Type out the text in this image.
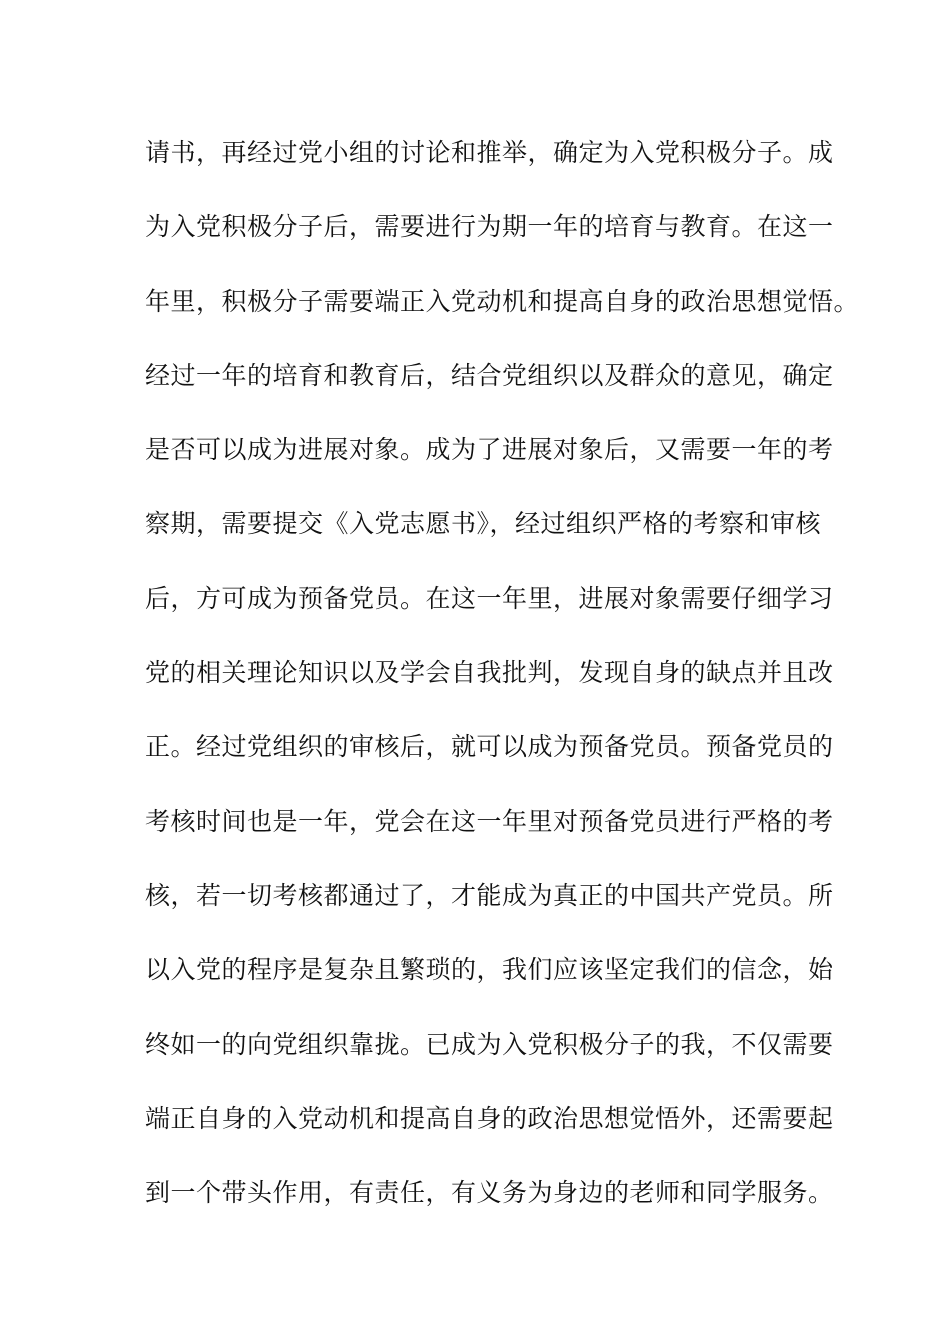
请书，再经过党小组的讨论和推举，确定为入党积极分子。成
为入党积极分子后，需要进行为期一年的培育与教育。在这一
年里，积极分子需要端正入党动机和提高自身的政治思想觉悟。
经过一年的培育和教育后，结合党组织以及群众的意见，确定
是否可以成为进展对象。成为了进展对象后，又需要一年的考
察期，需要提交《入党志愿书》，经过组织严格的考察和审核
后，方可成为预备党员。在这一年里，进展对象需要仔细学习
党的相关理论知识以及学会自我批判，发现自身的缺点并且改
正。经过党组织的审核后，就可以成为预备党员。预备党员的
考核时间也是一年，党会在这一年里对预备党员进行严格的考
核，若一切考核都通过了，才能成为真正的中国共产党员。所
以入党的程序是复杂且繁琐的，我们应该坚定我们的信念，始
终如一的向党组织靠拢。已成为入党积极分子的我，不仅需要
端正自身的入党动机和提高自身的政治思想觉悟外，还需要起
到一个带头作用，有责任，有义务为身边的老师和同学服务。
